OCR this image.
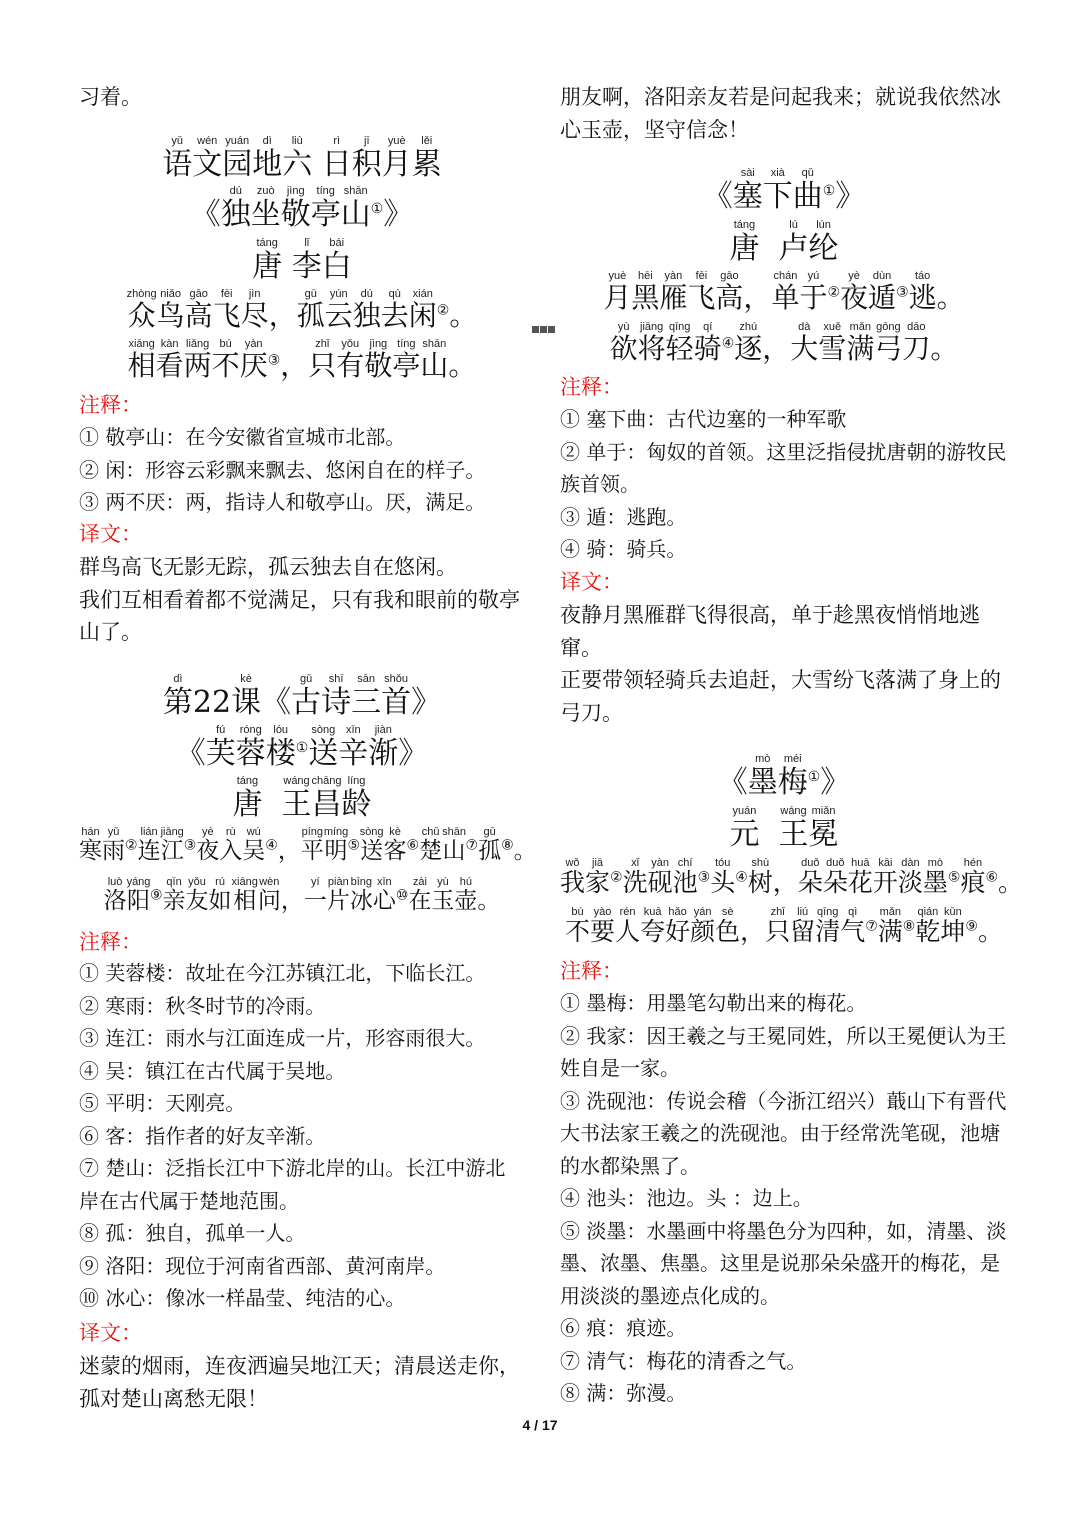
习着。

语yǔ文wén园yuán地dì六liù 日rì积jī月yuè累lěi
《独dú坐zuò敬jìng亭tíng山shān①》
唐táng 李lǐ白bái
众zhòng鸟niǎo高gāo飞fēi尽jìn，孤gū云yún独dú去qù闲xián②。
相xiāng看kàn两liǎng不bú厌yàn③，只zhǐ有yǒu敬jìng亭tíng山shān。

注释：

① 敬亭山：在今安徽省宣城市北部。

② 闲：形容云彩飘来飘去、悠闲自在的样子。

③ 两不厌：两，指诗人和敬亭山。厌，满足。

译文：

群鸟高飞无影无踪，孤云独去自在悠闲。

我们互相看着都不觉满足，只有我和眼前的敬亭山了。

第dì22课kè《古gǔ诗shī三sān首shǒu》
《芙fú蓉róng楼lóu①送sòng辛xīn渐jiàn》
唐táng  王wáng昌chāng龄líng
寒hán雨yǔ②连lián江jiāng③夜yè入rù吴wú④，平píng明míng⑤送sòng客kè⑥楚chǔ山shān⑦孤gū⑧。
洛luò阳yáng⑨亲qīn友yǒu如rú相xiāng问wèn，一yí片piàn冰bīng心xīn⑩在zài玉yù壶hú。

注释：

① 芙蓉楼：故址在今江苏镇江北，下临长江。

② 寒雨：秋冬时节的冷雨。

③ 连江：雨水与江面连成一片，形容雨很大。

④ 吴：镇江在古代属于吴地。

⑤ 平明：天刚亮。

⑥ 客：指作者的好友辛渐。

⑦ 楚山：泛指长江中下游北岸的山。长江中游北岸在古代属于楚地范围。

⑧ 孤：独自，孤单一人。

⑨ 洛阳：现位于河南省西部、黄河南岸。

⑩ 冰心：像冰一样晶莹、纯洁的心。

译文：

迷蒙的烟雨，连夜洒遍吴地江天；清晨送走你，孤对楚山离愁无限！

朋友啊，洛阳亲友若是问起我来；就说我依然冰心玉壶，坚守信念！

《塞sài下xià曲qǔ①》
唐táng  卢lú纶lún
月yuè黑hēi雁yàn飞fēi高gāo，单chán于yú②夜yè遁dùn③逃táo。
欲yù将jiāng轻qīng骑qí④逐zhú，大dà雪xuě满mǎn弓gōng刀dāo。

注释：

① 塞下曲：古代边塞的一种军歌

② 单于：匈奴的首领。这里泛指侵扰唐朝的游牧民族首领。

③ 遁：逃跑。

④ 骑：骑兵。

译文：

夜静月黑雁群飞得很高，单于趁黑夜悄悄地逃窜。

正要带领轻骑兵去追赶，大雪纷飞落满了身上的弓刀。

《墨mò梅méi①》
元yuán  王wáng冕miǎn
我wǒ家jiā②洗xǐ砚yàn池chí③头tóu④树shù，朵duǒ朵duǒ花huā开kāi淡dàn墨mò⑤痕hén⑥。
不bú要yào人rén夸kuā好hǎo颜yán色sè，只zhǐ留liú清qīng气qì⑦满mǎn⑧乾qián坤kūn⑨。

注释：

① 墨梅：用墨笔勾勒出来的梅花。

② 我家：因王羲之与王冕同姓，所以王冕便认为王姓自是一家。

③ 洗砚池：传说会稽（今浙江绍兴）蕺山下有晋代大书法家王羲之的洗砚池。由于经常洗笔砚，池塘的水都染黑了。

④ 池头：池边。头 ：边上。

⑤ 淡墨：水墨画中将墨色分为四种，如，清墨、淡墨、浓墨、焦墨。这里是说那朵朵盛开的梅花，是用淡淡的墨迹点化成的。

⑥ 痕：痕迹。

⑦ 清气：梅花的清香之气。

⑧ 满：弥漫。

4 / 17
